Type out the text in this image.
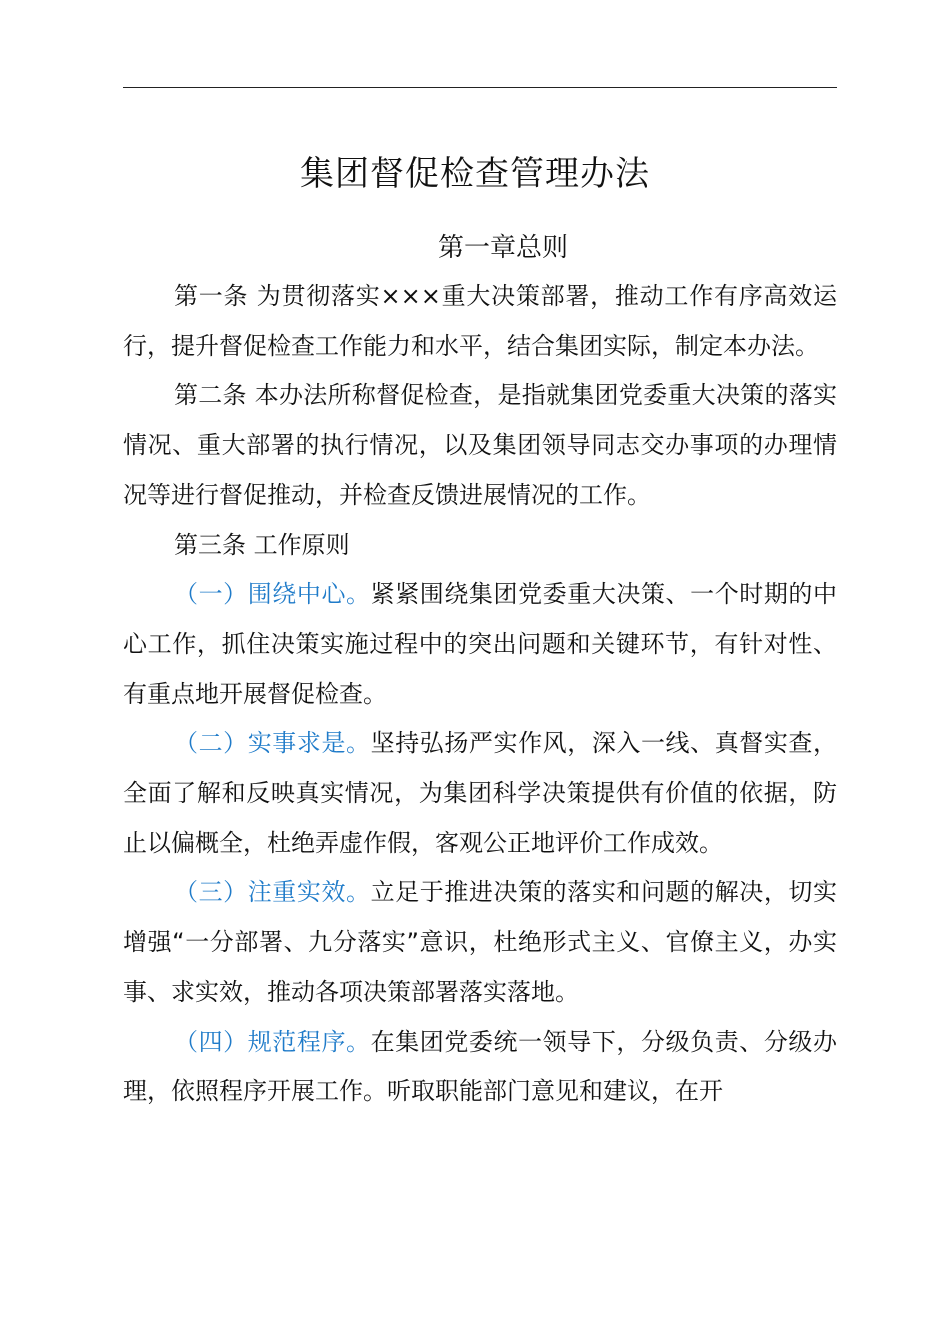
集团督促检查管理办法
第一章总则

第一条 为贯彻落实×××重大决策部署，推动工作有序高效运行，提升督促检查工作能力和水平，结合集团实际，制定本办法。

第二条 本办法所称督促检查，是指就集团党委重大决策的落实情况、重大部署的执行情况，以及集团领导同志交办事项的办理情况等进行督促推动，并检查反馈进展情况的工作。

第三条 工作原则

（一）围绕中心。紧紧围绕集团党委重大决策、一个时期的中心工作，抓住决策实施过程中的突出问题和关键环节，有针对性、有重点地开展督促检查。

（二）实事求是。坚持弘扬严实作风，深入一线、真督实查，全面了解和反映真实情况，为集团科学决策提供有价值的依据，防止以偏概全，杜绝弄虚作假，客观公正地评价工作成效。

（三）注重实效。立足于推进决策的落实和问题的解决，切实增强“一分部署、九分落实”意识，杜绝形式主义、官僚主义，办实事、求实效，推动各项决策部署落实落地。

（四）规范程序。在集团党委统一领导下，分级负责、分级办理，依照程序开展工作。听取职能部门意见和建议，在开
